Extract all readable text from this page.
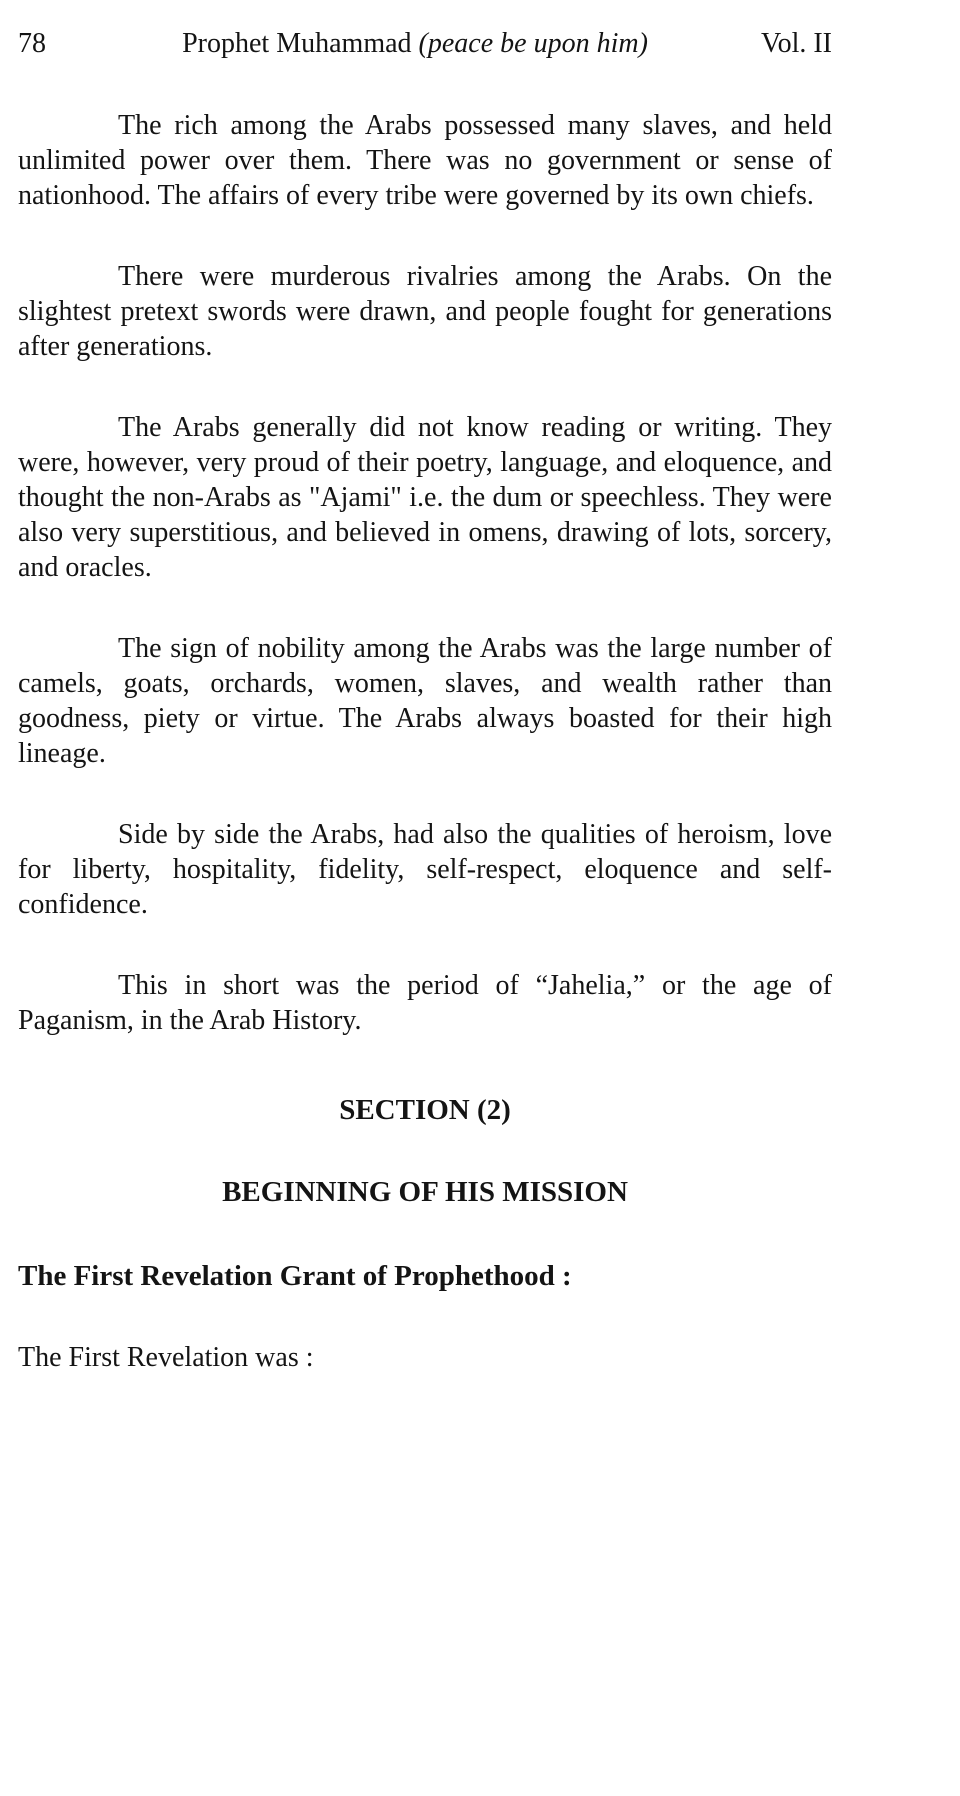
78	Prophet Muhammad (peace be upon him)	Vol. II

The rich among the Arabs possessed many slaves, and held unlimited power over them. There was no government or sense of nationhood. The affairs of every tribe were governed by its own chiefs.

There were murderous rivalries among the Arabs. On the slightest pretext swords were drawn, and people fought for generations after generations.

The Arabs generally did not know reading or writing. They were, however, very proud of their poetry, language, and eloquence, and thought the non-Arabs as "Ajami" i.e. the dum or speechless. They were also very superstitious, and believed in omens, drawing of lots, sorcery, and oracles.

The sign of nobility among the Arabs was the large number of camels, goats, orchards, women, slaves, and wealth rather than goodness, piety or virtue. The Arabs always boasted for their high lineage.

Side by side the Arabs, had also the qualities of heroism, love for liberty, hospitality, fidelity, self-respect, eloquence and self-confidence.

This in short was the period of “Jahelia,” or the age of Paganism, in the Arab History.

SECTION (2)
BEGINNING OF HIS MISSION
The First Revelation Grant of Prophethood :

The First Revelation was :
